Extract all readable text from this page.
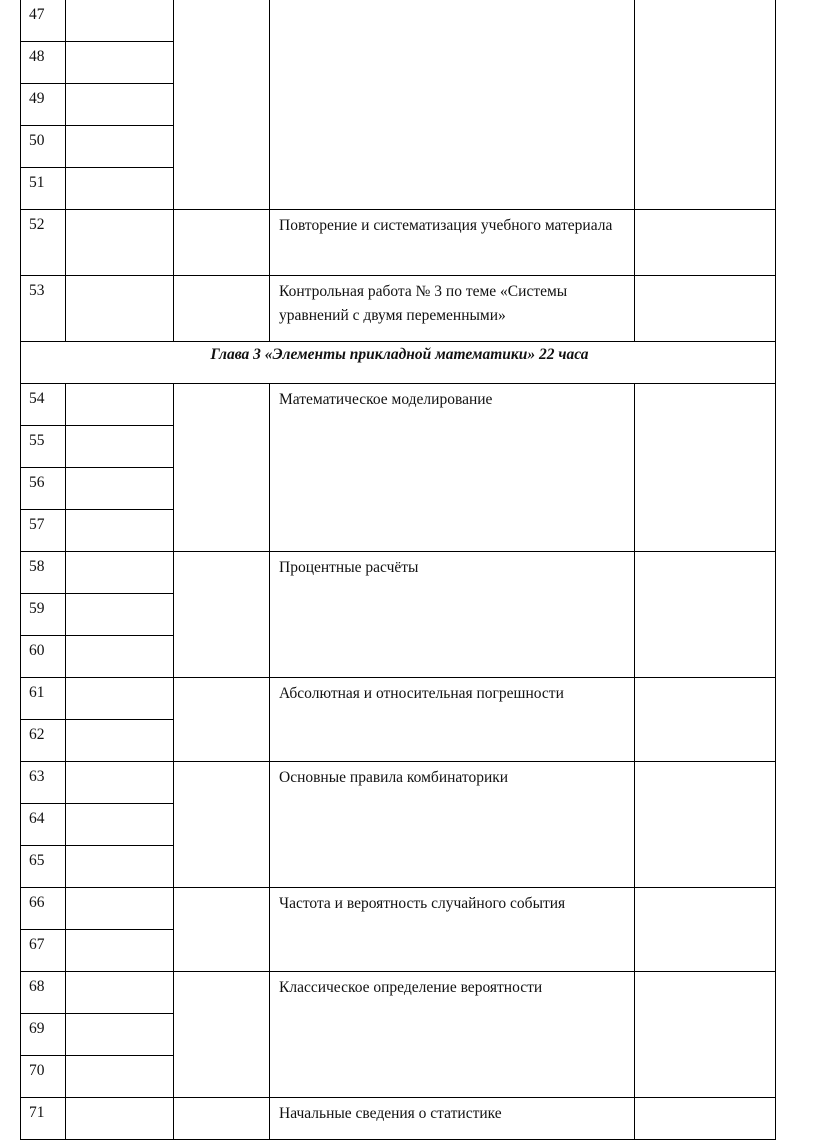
47				
48				
49				
50				
51				
52			Повторение и систематизация учебного материала	
53			Контрольная работа № 3 по теме «Системы уравнений с двумя переменными»	
Глава 3 «Элементы прикладной математики» 22 часа				
54			Математическое моделирование	
55				
56				
57				
58			Процентные расчёты	
59				
60				
61			Абсолютная и относительная погрешности	
62				
63			Основные правила комбинаторики	
64				
65				
66			Частота и вероятность случайного события	
67				
68			Классическое определение вероятности	
69				
70				
71			Начальные сведения о статистике	
